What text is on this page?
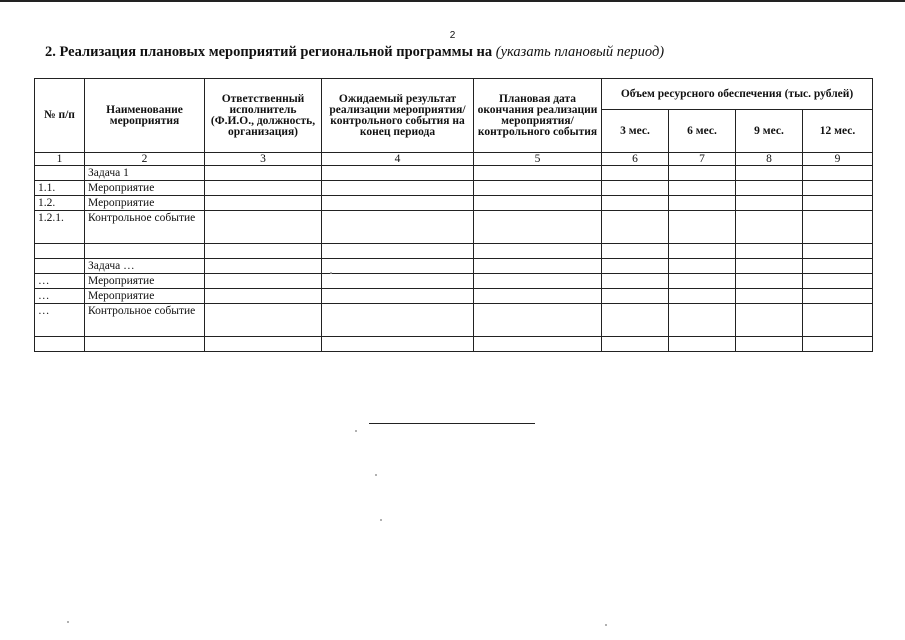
2
2. Реализация плановых мероприятий региональной программы на (указать плановый период)
№ п/п	Наименование мероприятия	Ответственный исполнитель (Ф.И.О., должность, организация)	Ожидаемый результат реализации мероприятия/контрольного события на конец периода	Плановая дата окончания реализации мероприятия/ контрольного события	Объем ресурсного обеспечения (тыс. рублей)			
					3 мес.	6 мес.	9 мес.	12 мес.
1	2	3	4	5	6	7	8	9
	Задача 1							
1.1.	Мероприятие							
1.2.	Мероприятие							
1.2.1.	Контрольное событие							

	Задача …							
…	Мероприятие							
…	Мероприятие							
…	Контрольное событие							
